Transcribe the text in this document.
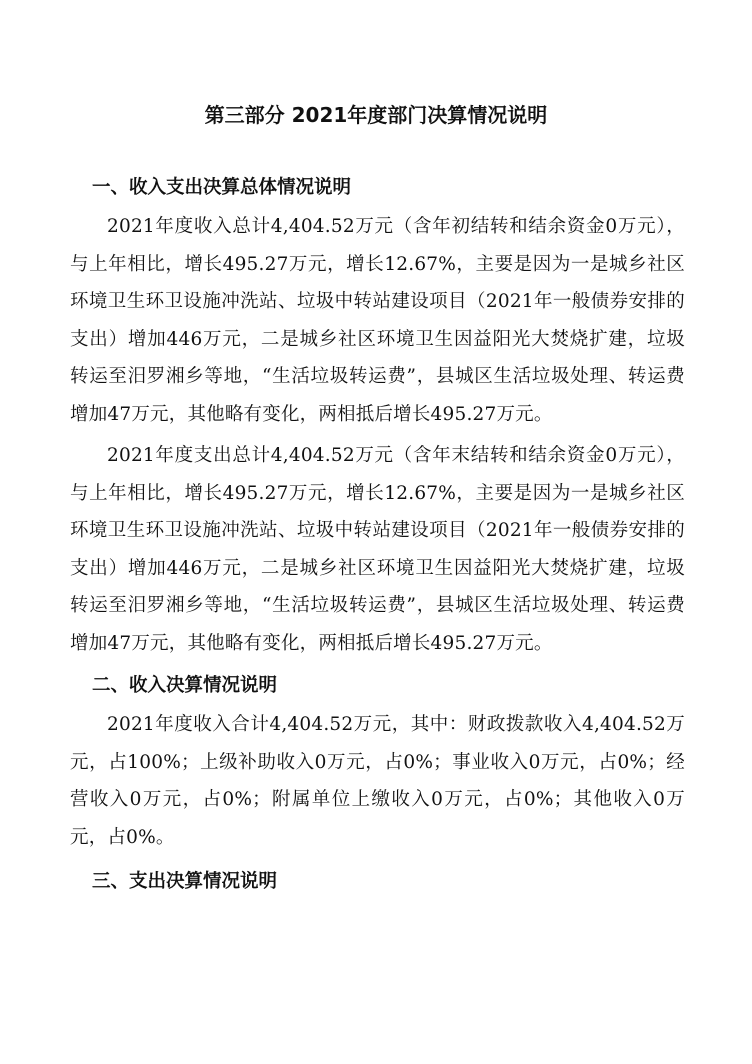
第三部分 2021年度部门决算情况说明
一、收入支出决算总体情况说明

2021年度收入总计4,404.52万元（含年初结转和结余资金0万元），与上年相比，增长495.27万元，增长12.67%，主要是因为一是城乡社区环境卫生环卫设施冲洗站、垃圾中转站建设项目（2021年一般债券安排的支出）增加446万元，二是城乡社区环境卫生因益阳光大焚烧扩建，垃圾转运至汨罗湘乡等地，“生活垃圾转运费”，县城区生活垃圾处理、转运费增加47万元，其他略有变化，两相抵后增长495.27万元。

2021年度支出总计4,404.52万元（含年末结转和结余资金0万元），与上年相比，增长495.27万元，增长12.67%，主要是因为一是城乡社区环境卫生环卫设施冲洗站、垃圾中转站建设项目（2021年一般债券安排的支出）增加446万元，二是城乡社区环境卫生因益阳光大焚烧扩建，垃圾转运至汨罗湘乡等地，“生活垃圾转运费”，县城区生活垃圾处理、转运费增加47万元，其他略有变化，两相抵后增长495.27万元。

二、收入决算情况说明

2021年度收入合计4,404.52万元，其中：财政拨款收入4,404.52万元，占100%；上级补助收入0万元，占0%；事业收入0万元，占0%；经营收入0万元，占0%；附属单位上缴收入0万元，占0%；其他收入0万元，占0%。

三、支出决算情况说明
